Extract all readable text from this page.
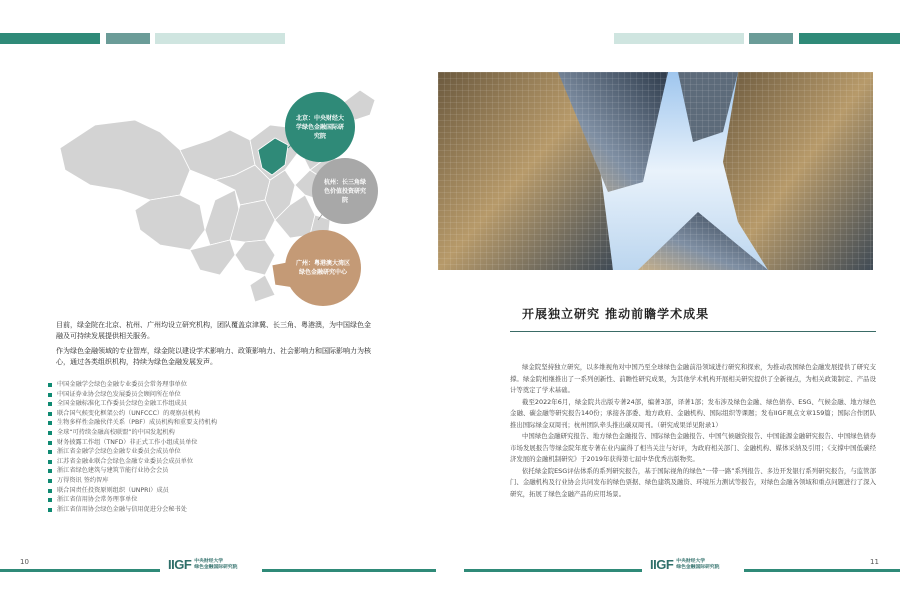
北京：中央财经大学绿色金融国际研究院
杭州：长三角绿色价值投资研究院
广州：粤港澳大湾区绿色金融研究中心

目前，绿金院在北京、杭州、广州均设立研究机构，团队覆盖京津冀、长三角、粤港澳，为中国绿色金融及可持续发展提供相关服务。

作为绿色金融领域的专业智库，绿金院以建设学术影响力、政策影响力、社会影响力和国际影响力为核心，通过各类组织机构，持续为绿色金融发展发声。

中国金融学会绿色金融专业委员会常务理事单位
中国证券业协会绿色发展委员会顾问所在单位
全国金融标准化工作委员会绿色金融工作组成员
联合国气候变化框架公约（UNFCCC）的观察员机构
生物多样性金融伙伴关系（PBF）成员机构和重要支持机构
全球“可持续金融高校联盟”的中国发起机构
财务披露工作组（TNFD）非正式工作小组成员单位
浙江省金融学会绿色金融专业委员会成员单位
江苏省金融业联合会绿色金融专业委员会成员单位
浙江省绿色建筑与建筑节能行业协会会员
万得资讯 签约智库
联合国责任投资原则组织（UNPRI）成员
浙江省信用协会常务理事单位
浙江省信用协会绿色金融与信用促进分会秘书处
开展独立研究 推动前瞻学术成果
绿金院坚持独立研究，以多维视角对中国乃至全球绿色金融前沿领域进行研究和探索，为推动我国绿色金融发展提供了研究支撑。绿金院相继推出了一系列创新性、前瞻性研究成果，为其他学术机构开展相关研究提供了全新视点，为相关政策制定、产品设计等奠定了学术基础。
截至2022年6月，绿金院共出版专著24部，编著3部，译著1部；发布涉及绿色金融、绿色债券、ESG、气候金融、地方绿色金融、碳金融等研究报告140份；承接各部委、地方政府、金融机构、国际组织等课题；发布IIGF观点文章159篇；国际合作团队推出国际绿金双周刊；杭州团队牵头推出碳双周刊。（研究成果详见附录1）
中国绿色金融研究报告、地方绿色金融报告、国际绿色金融报告、中国气候融资报告、中国能源金融研究报告、中国绿色债券市场发展报告等绿金院年度专著在业内赢得了相当关注与好评，为政府相关部门、金融机构、媒体采纳及引用；《支撑中国低碳经济发展的金融机制研究》于2019年获得第七届中华优秀出版物奖。
依托绿金院ESG评估体系的系列研究报告，基于国际视角的绿色“一带一路”系列报告、多边开发银行系列研究报告，与监管部门、金融机构及行业协会共同发布的绿色票据、绿色建筑及融资、环境压力测试等报告，对绿色金融各领域和重点问题进行了深入研究，拓展了绿色金融产品的应用场景。
10	IIGF 中央财经大学
绿色金融国际研究院	IIGF 中央财经大学
绿色金融国际研究院
11
